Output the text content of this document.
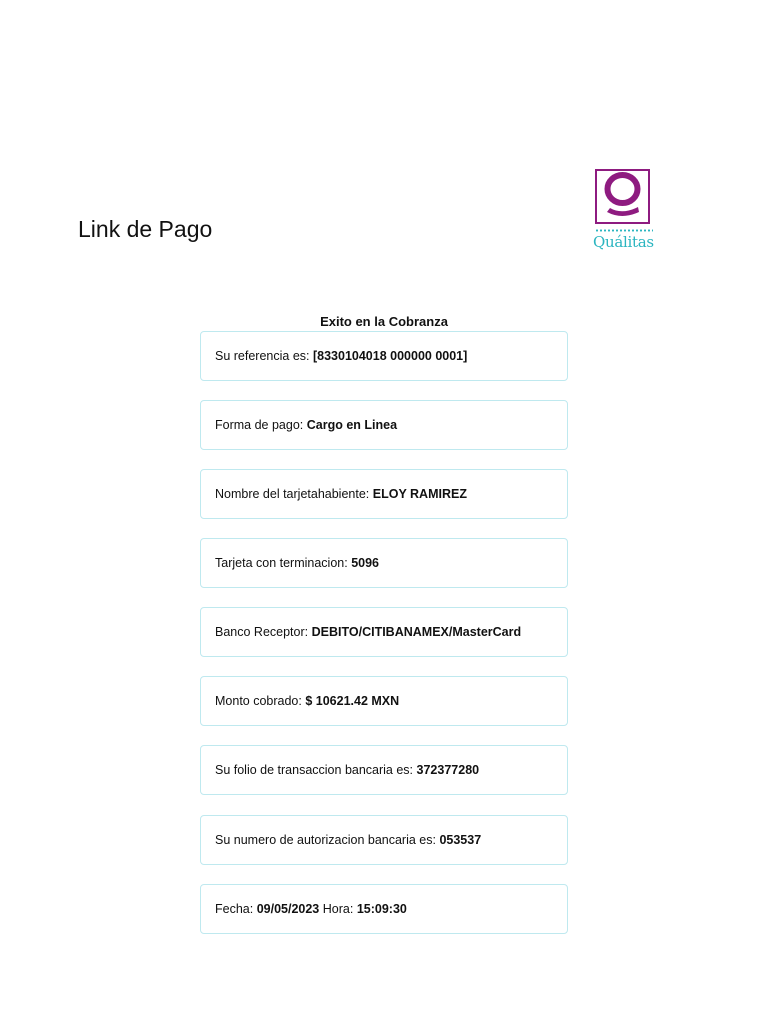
Link de Pago	Quálitas
Exito en la Cobranza
Su referencia es:
[8330104018 000000 0001]
Forma de pago:
Cargo en Linea
Nombre del tarjetahabiente:
ELOY RAMIREZ
Tarjeta con terminacion:
5096
Banco Receptor:
DEBITO/CITIBANAMEX/MasterCard
Monto cobrado:
$ 10621.42 MXN
Su folio de transaccion bancaria es:
372377280
Su numero de autorizacion bancaria es:
053537
Fecha:
09/05/2023
Hora:
15:09:30
